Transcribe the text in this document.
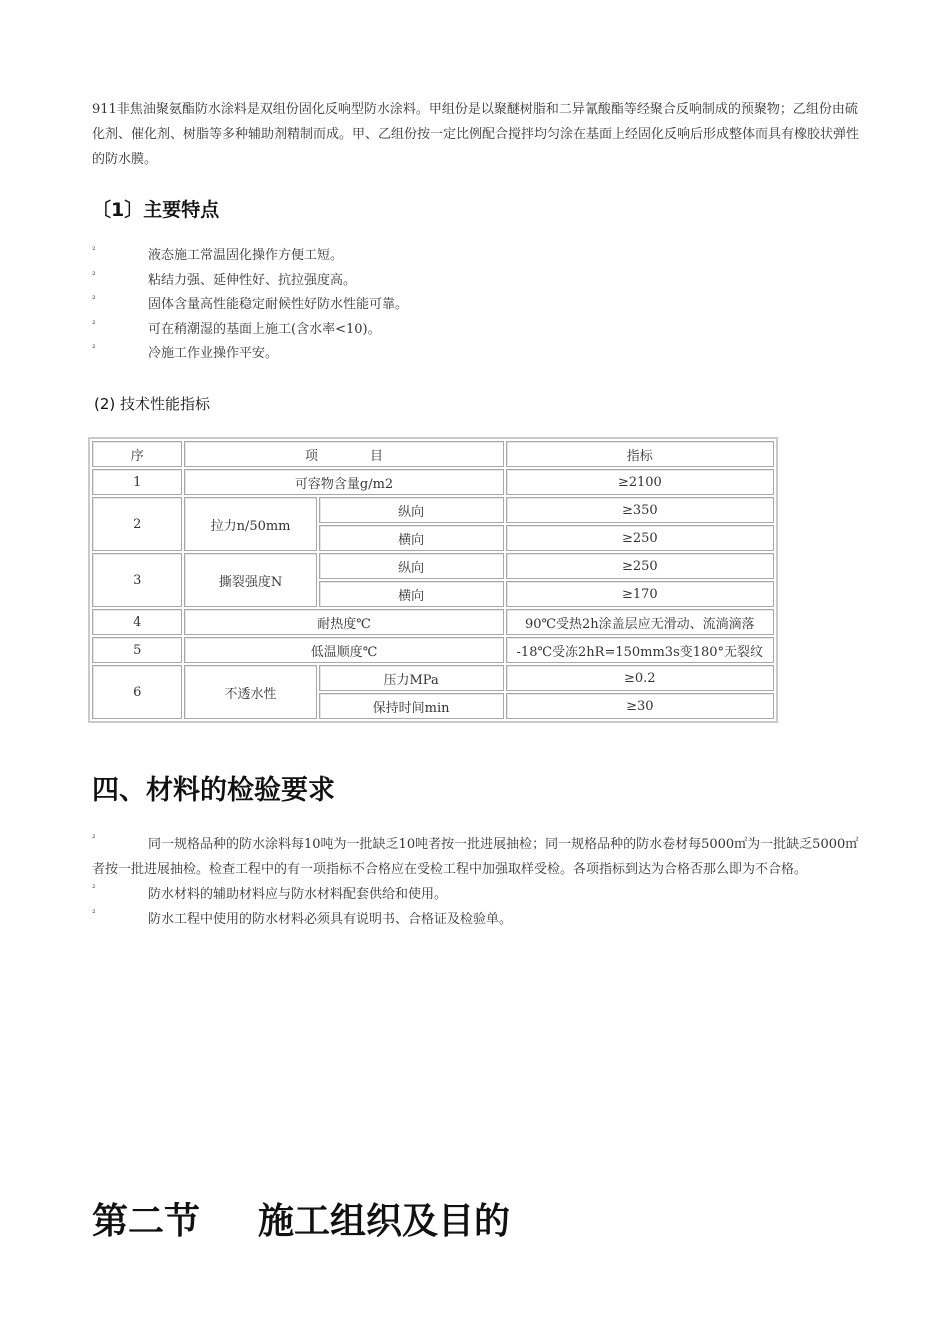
911非焦油聚氨酯防水涂料是双组份固化反响型防水涂料。甲组份是以聚醚树脂和二异氰酸酯等经聚合反响制成的预聚物；乙组份由硫化剂、催化剂、树脂等多种辅助剂精制而成。甲、乙组份按一定比例配合搅拌均匀涂在基面上经固化反响后形成整体而具有橡胶状弹性的防水膜。

〔1〕主要特点
²	液态施工常温固化操作方便工短。
²	粘结力强、延伸性好、抗拉强度高。
²	固体含量高性能稳定耐候性好防水性能可靠。
²	可在稍潮湿的基面上施工(含水率<10)。
²	冷施工作业操作平安。
(2) 技术性能指标
序	项　　　　目		指标
1	可容物含量g/m2		≥2100
2	拉力n/50mm	纵向	≥350
		横向	≥250
3	撕裂强度N	纵向	≥250
		横向	≥170
4	耐热度℃		90℃受热2h涂盖层应无滑动、流淌滴落
5	低温顺度℃		-18℃受冻2hR=150mm3s变180°无裂纹
6	不透水性	压力MPa	≥0.2
		保持时间min	≥30
四、材料的检验要求
²	同一规格品种的防水涂料每10吨为一批缺乏10吨者按一批进展抽检；同一规格品种的防水卷材每5000㎡为一批缺乏5000㎡者按一批进展抽检。检查工程中的有一项指标不合格应在受检工程中加强取样受检。各项指标到达为合格否那么即为不合格。
²	防水材料的辅助材料应与防水材料配套供给和使用。
²	防水工程中使用的防水材料必须具有说明书、合格证及检验单。
第二节 施工组织及目的
